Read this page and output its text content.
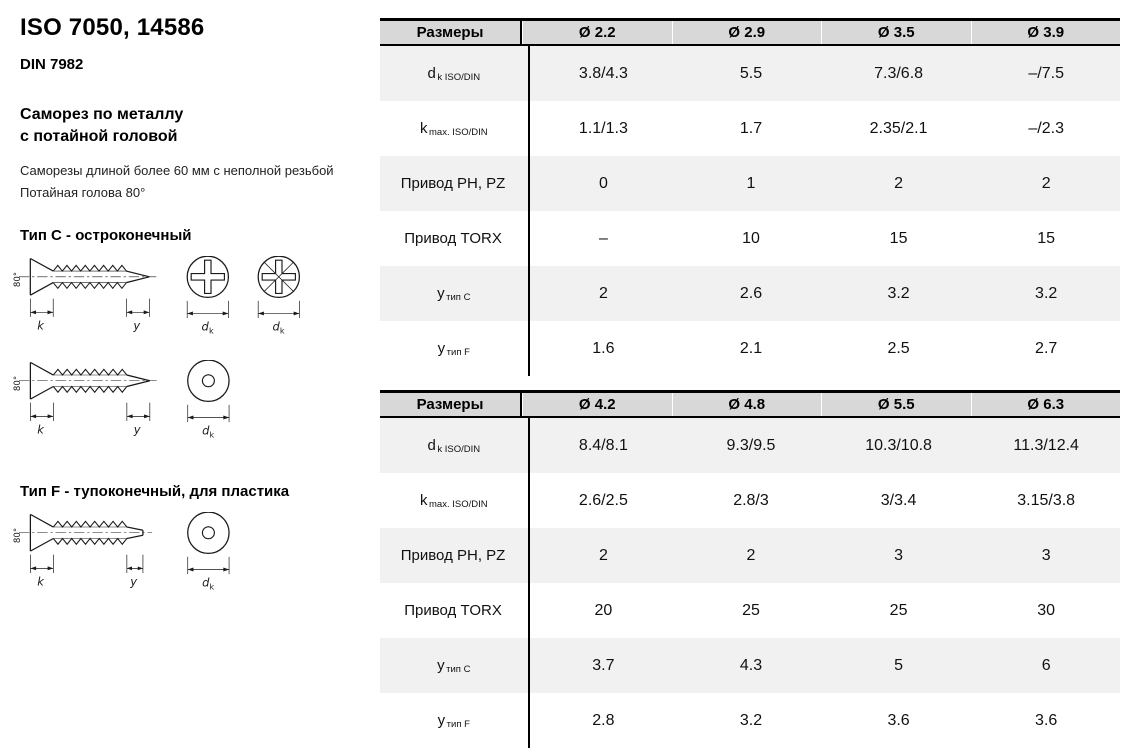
ISO 7050, 14586
DIN 7982
Саморез по металлу
с потайной головой
Саморезы длиной более 60 мм с неполной резьбой
Потайная голова 80°
Тип C - остроконечный
Тип F - тупоконечный, для пластика
80°
k	y	d k	d k
80°
k	y	d k
80°
k	y	d k
Размеры	Ø 2.2	Ø 2.9	Ø 3.5	Ø 3.9
d k ISO/DIN	3.8/4.3	5.5	7.3/6.8	–/7.5
k max. ISO/DIN	1.1/1.3	1.7	2.35/2.1	–/2.3
Привод PH, PZ	0	1	2	2
Привод TORX	–	10	15	15
y тип C	2	2.6	3.2	3.2
y тип F	1.6	2.1	2.5	2.7
Размеры	Ø 4.2	Ø 4.8	Ø 5.5	Ø 6.3
d k ISO/DIN	8.4/8.1	9.3/9.5	10.3/10.8	11.3/12.4
k max. ISO/DIN	2.6/2.5	2.8/3	3/3.4	3.15/3.8
Привод PH, PZ	2	2	3	3
Привод TORX	20	25	25	30
y тип C	3.7	4.3	5	6
y тип F	2.8	3.2	3.6	3.6
